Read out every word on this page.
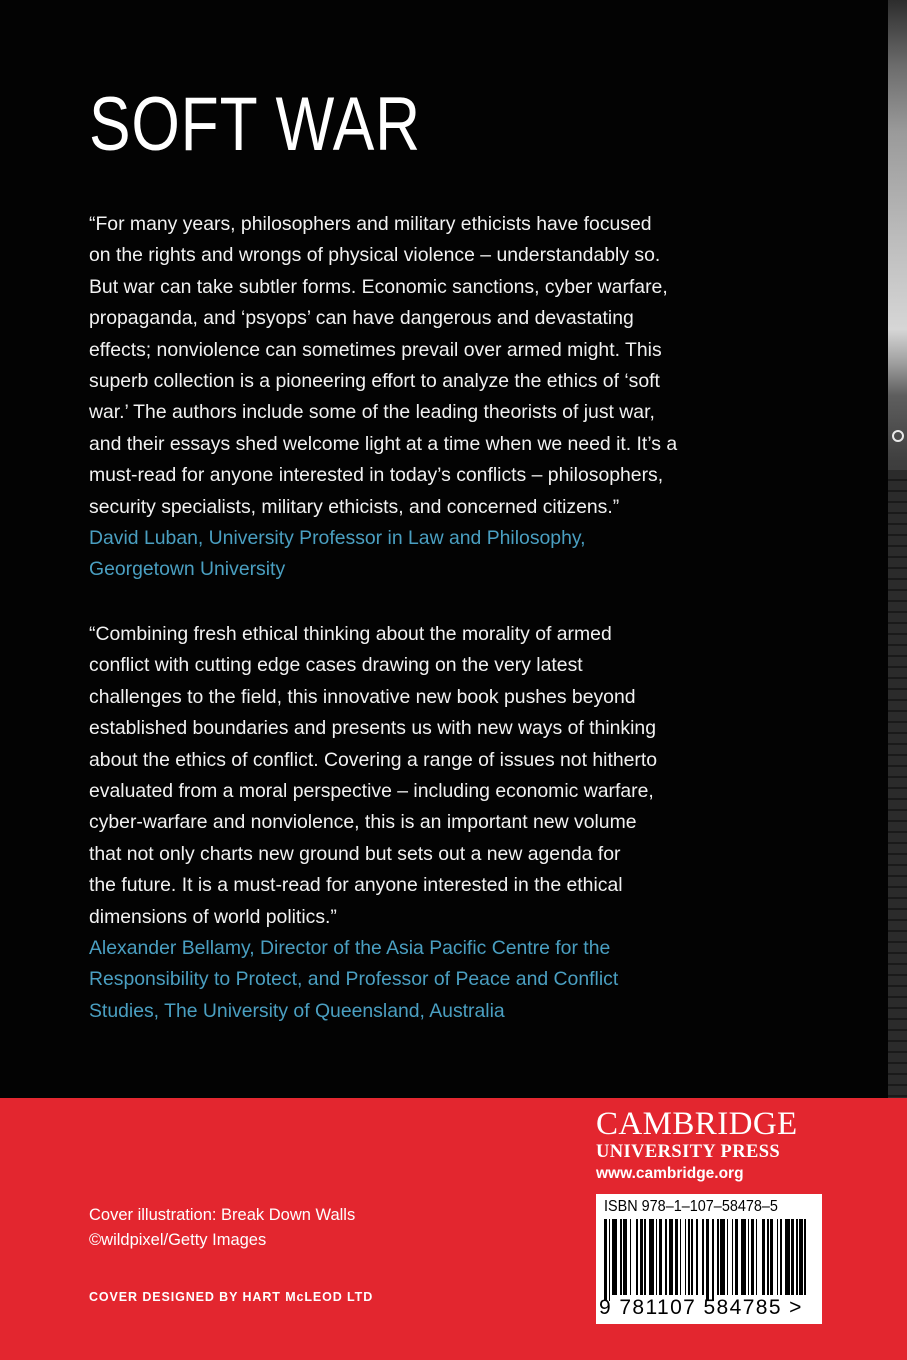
SOFT WAR

“For many years, philosophers and military ethicists have focused

on the rights and wrongs of physical violence – understandably so.

But war can take subtler forms. Economic sanctions, cyber warfare,

propaganda, and ‘psyops’ can have dangerous and devastating

effects; nonviolence can sometimes prevail over armed might. This

superb collection is a pioneering effort to analyze the ethics of ‘soft

war.’ The authors include some of the leading theorists of just war,

and their essays shed welcome light at a time when we need it. It’s a

must-read for anyone interested in today’s conflicts – philosophers,

security specialists, military ethicists, and concerned citizens.”

David Luban, University Professor in Law and Philosophy,

Georgetown University

“Combining fresh ethical thinking about the morality of armed

conflict with cutting edge cases drawing on the very latest

challenges to the field, this innovative new book pushes beyond

established boundaries and presents us with new ways of thinking

about the ethics of conflict. Covering a range of issues not hitherto

evaluated from a moral perspective – including economic warfare,

cyber-warfare and nonviolence, this is an important new volume

that not only charts new ground but sets out a new agenda for

the future. It is a must-read for anyone interested in the ethical

dimensions of world politics.”

Alexander Bellamy, Director of the Asia Pacific Centre for the

Responsibility to Protect, and Professor of Peace and Conflict

Studies, The University of Queensland, Australia

Cover illustration: Break Down Walls

©wildpixel/Getty Images

COVER DESIGNED BY HART McLEOD LTD

CAMBRIDGE
UNIVERSITY PRESS
www.cambridge.org
ISBN 978–1–107–58478–5
9 781107 584785 >
